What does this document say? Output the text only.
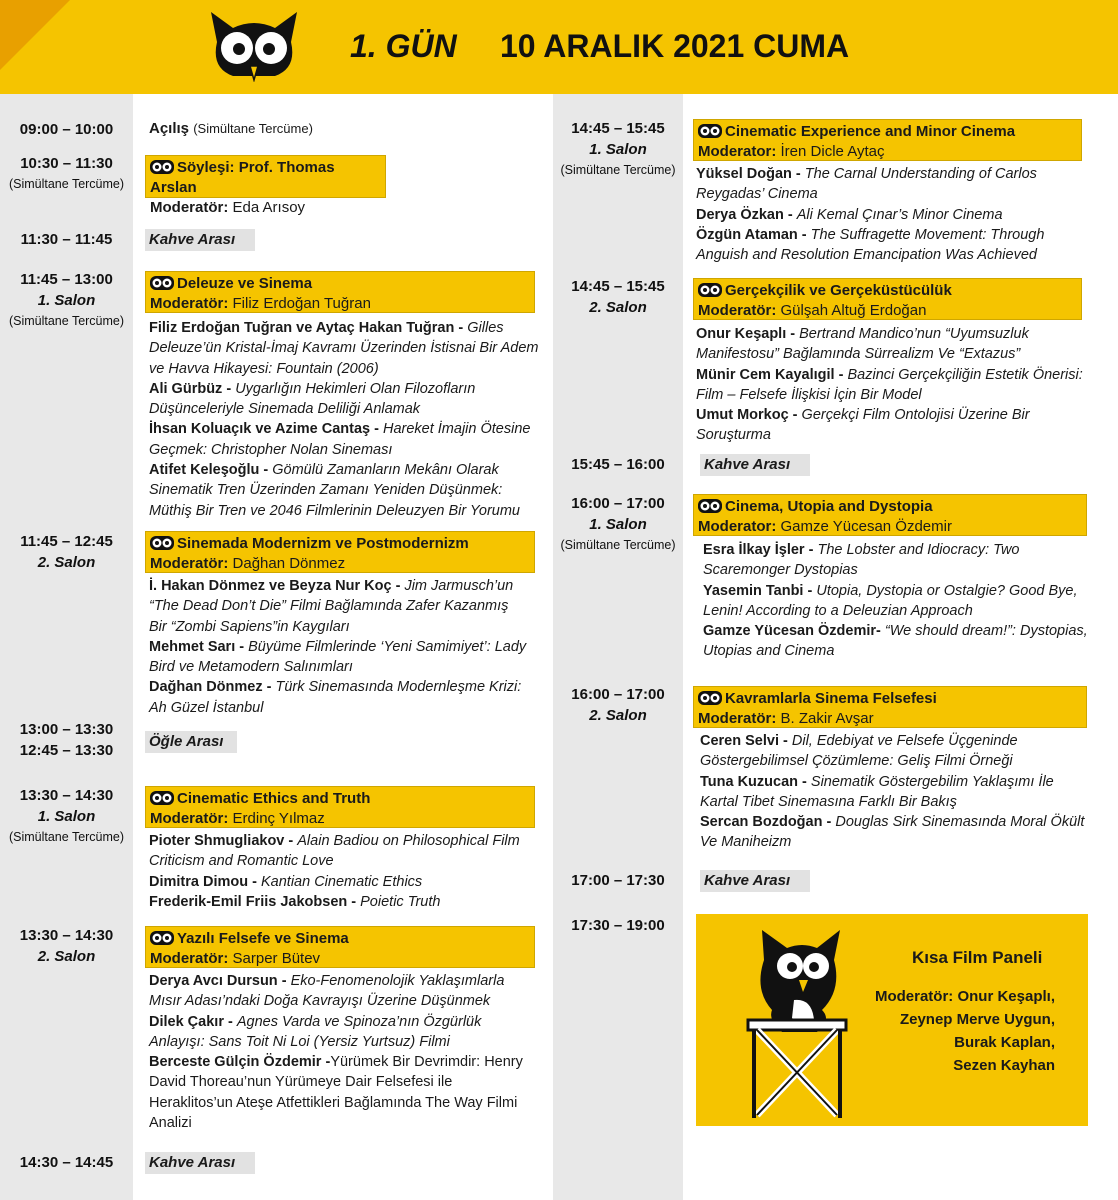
1. GÜN 10 ARALIK 2021 CUMA
09:00 – 10:00
10:30 – 11:30
(Simültane Tercüme)
11:30 – 11:45
11:45 – 13:00
1. Salon
(Simültane Tercüme)
11:45 – 12:45
2. Salon
13:00 – 13:30
12:45 – 13:30
13:30 – 14:30
1. Salon
(Simültane Tercüme)
13:30 – 14:30
2. Salon
14:30 – 14:45
Açılış (Simültane Tercüme)
Söyleşi: Prof. Thomas Arslan
Moderatör: Eda Arısoy
Kahve Arası
Deleuze ve Sinema
Moderatör: Filiz Erdoğan Tuğran
Filiz Erdoğan Tuğran ve Aytaç Hakan Tuğran - Gilles Deleuze’ün Kristal-İmaj Kavramı Üzerinden İstisnai Bir Adem ve Havva Hikayesi: Fountain (2006)
Ali Gürbüz - Uygarlığın Hekimleri Olan Filozofların Düşünceleriyle Sinemada Deliliği Anlamak
İhsan Koluaçık ve Azime Cantaş - Hareket İmajin Ötesine Geçmek: Christopher Nolan Sineması
Atifet Keleşoğlu - Gömülü Zamanların Mekânı Olarak Sinematik Tren Üzerinden Zamanı Yeniden Düşünmek: Müthiş Bir Tren ve 2046 Filmlerinin Deleuzyen Bir Yorumu
Sinemada Modernizm ve Postmodernizm
Moderatör: Dağhan Dönmez
İ. Hakan Dönmez ve Beyza Nur Koç - Jim Jarmusch’un “The Dead Don’t Die” Filmi Bağlamında Zafer Kazanmış Bir “Zombi Sapiens”in Kaygıları
Mehmet Sarı - Büyüme Filmlerinde ‘Yeni Samimiyet’: Lady Bird ve Metamodern Salınımları
Dağhan Dönmez - Türk Sinemasında Modernleşme Krizi: Ah Güzel İstanbul
Öğle Arası
Cinematic Ethics and Truth
Moderatör: Erdinç Yılmaz
Pioter Shmugliakov - Alain Badiou on Philosophical Film Criticism and Romantic Love
Dimitra Dimou - Kantian Cinematic Ethics
Frederik-Emil Friis Jakobsen - Poietic Truth
Yazılı Felsefe ve Sinema
Moderatör: Sarper Bütev
Derya Avcı Dursun - Eko-Fenomenolojik Yaklaşımlarla Mısır Adası’ndaki Doğa Kavrayışı Üzerine Düşünmek
Dilek Çakır - Agnes Varda ve Spinoza’nın Özgürlük Anlayışı: Sans Toit Ni Loi (Yersiz Yurtsuz) Filmi
Berceste Gülçin Özdemir -Yürümek Bir Devrimdir: Henry David Thoreau’nun Yürümeye Dair Felsefesi ile Heraklitos’un Ateşe Atfettikleri Bağlamında The Way Filmi Analizi
Kahve Arası
14:45 – 15:45
1. Salon
(Simültane Tercüme)
14:45 – 15:45
2. Salon
15:45 – 16:00
16:00 – 17:00
1. Salon
(Simültane Tercüme)
16:00 – 17:00
2. Salon
17:00 – 17:30
17:30 – 19:00
Cinematic Experience and Minor Cinema
Moderator: İren Dicle Aytaç
Yüksel Doğan - The Carnal Understanding of Carlos Reygadas’ Cinema
Derya Özkan - Ali Kemal Çınar’s Minor Cinema
Özgün Ataman - The Suffragette Movement: Through Anguish and Resolution Emancipation Was Achieved
Gerçekçilik ve Gerçeküstücülük
Moderatör: Gülşah Altuğ Erdoğan
Onur Keşaplı - Bertrand Mandico’nun “Uyumsuzluk Manifestosu” Bağlamında Sürrealizm Ve “Extazus”
Münir Cem Kayalıgil - Bazinci Gerçekçiliğin Estetik Önerisi: Film – Felsefe İlişkisi İçin Bir Model
Umut Morkoç - Gerçekçi Film Ontolojisi Üzerine Bir Soruşturma
Kahve Arası
Cinema, Utopia and Dystopia
Moderator: Gamze Yücesan Özdemir
Esra İlkay İşler - The Lobster and Idiocracy: Two Scaremonger Dystopias
Yasemin Tanbi - Utopia, Dystopia or Ostalgie? Good Bye, Lenin! According to a Deleuzian Approach
Gamze Yücesan Özdemir- “We should dream!”: Dystopias, Utopias and Cinema
Kavramlarla Sinema Felsefesi
Moderatör: B. Zakir Avşar
Ceren Selvi - Dil, Edebiyat ve Felsefe Üçgeninde Göstergebilimsel Çözümleme: Geliş Filmi Örneği
Tuna Kuzucan - Sinematik Göstergebilim Yaklaşımı İle Kartal Tibet Sinemasına Farklı Bir Bakış
Sercan Bozdoğan - Douglas Sirk Sinemasında Moral Ökült Ve Maniheizm
Kahve Arası
Kısa Film Paneli
Moderatör: Onur Keşaplı,
Zeynep Merve Uygun,
Burak Kaplan,
Sezen Kayhan
